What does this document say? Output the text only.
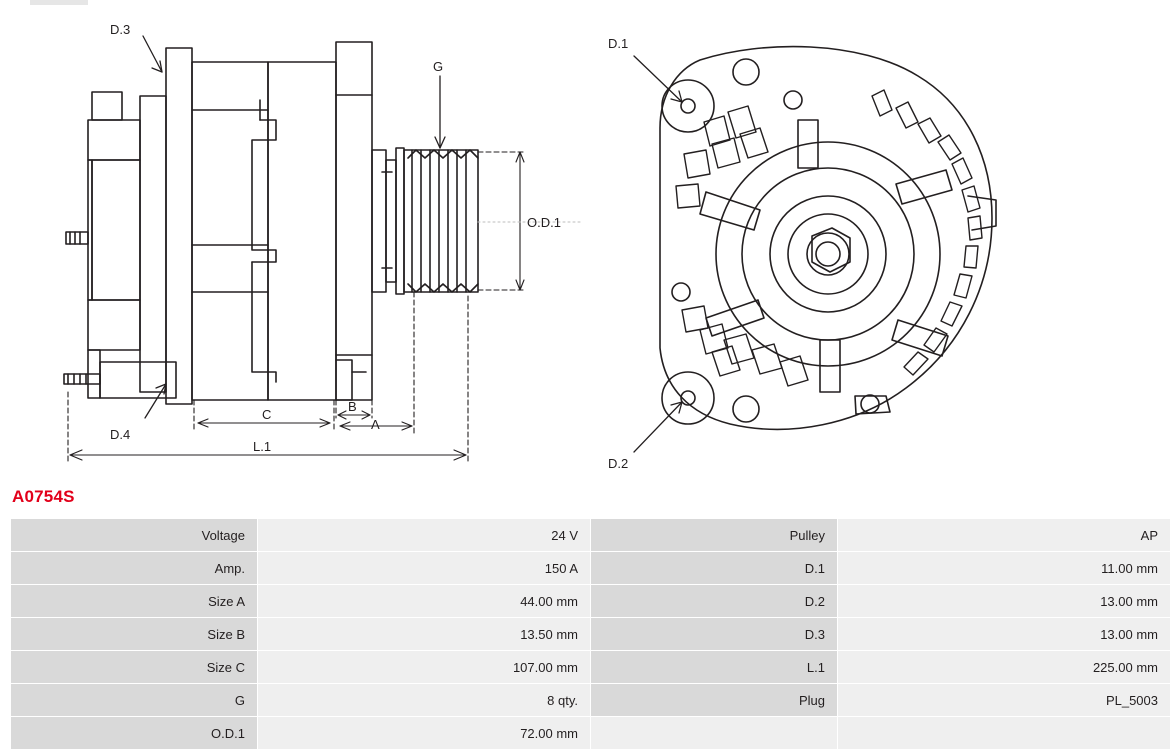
D.3
D.4
G
O.D.1
C
B
A
L.1
D.1
D.2
A0754S
Voltage	24 V	Pulley	AP
Amp.	150 A	D.1	11.00 mm
Size A	44.00 mm	D.2	13.00 mm
Size B	13.50 mm	D.3	13.00 mm
Size C	107.00 mm	L.1	225.00 mm
G	8 qty.	Plug	PL_5003
O.D.1	72.00 mm		
